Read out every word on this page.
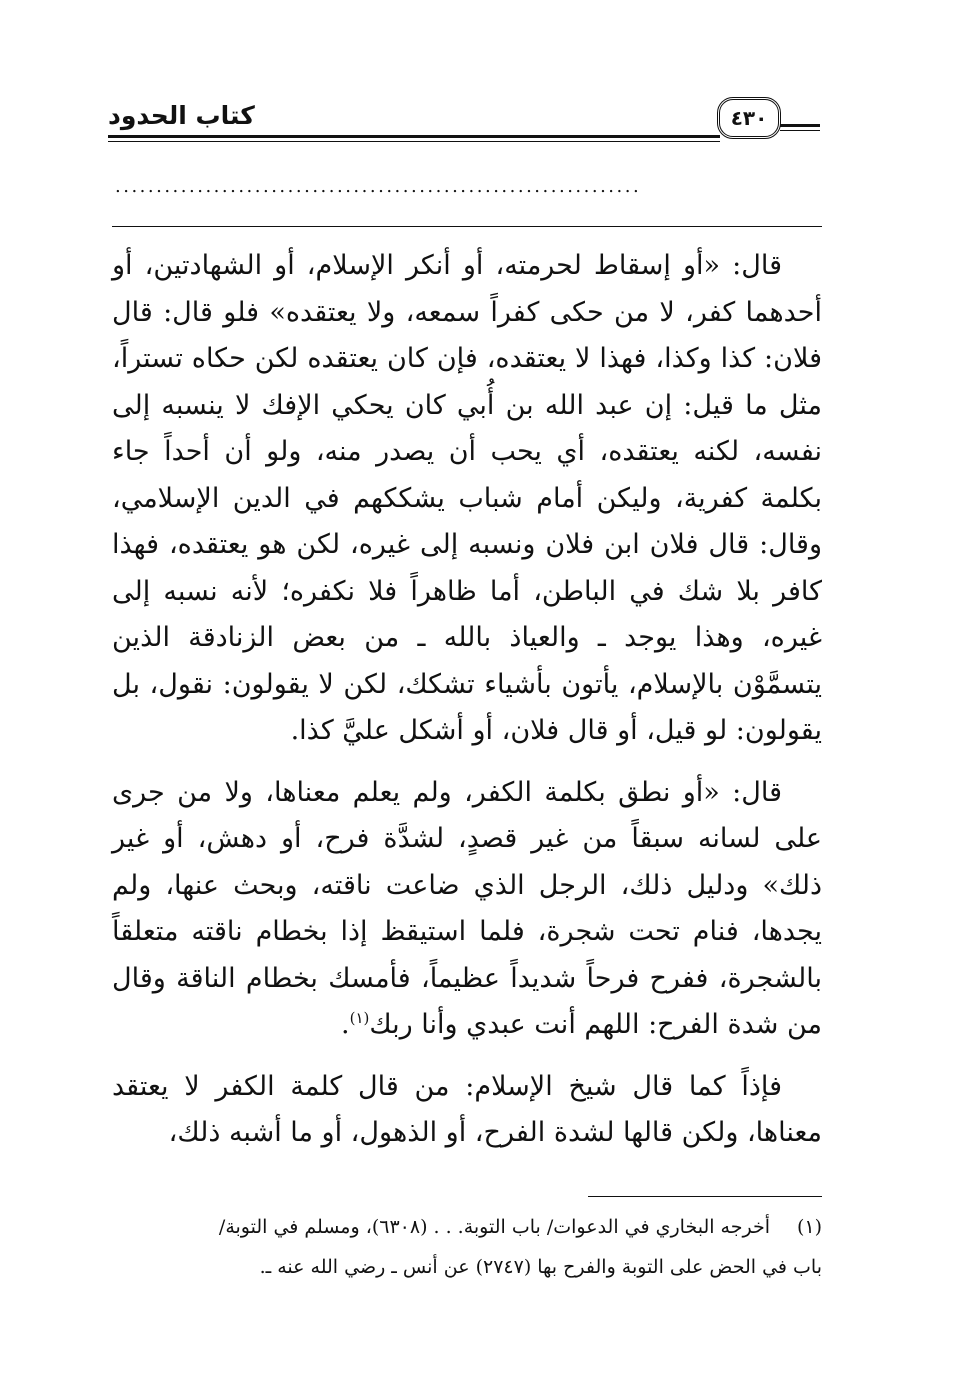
كتاب الحدود	٤٣٠
................................................................

قال: «أو إسقاط لحرمته، أو أنكر الإسلام، أو الشهادتين، أو أحدهما كفر، لا من حكى كفراً سمعه، ولا يعتقده» فلو قال: قال فلان: كذا وكذا، فهذا لا يعتقده، فإن كان يعتقده لكن حكاه تستراً، مثل ما قيل: إن عبد الله بن أُبي كان يحكي الإفك لا ينسبه إلى نفسه، لكنه يعتقده، أي يحب أن يصدر منه، ولو أن أحداً جاء بكلمة كفرية، وليكن أمام شباب يشككهم في الدين الإسلامي، وقال: قال فلان ابن فلان ونسبه إلى غيره، لكن هو يعتقده، فهذا كافر بلا شك في الباطن، أما ظاهراً فلا نكفره؛ لأنه نسبه إلى غيره، وهذا يوجد ـ والعياذ بالله ـ من بعض الزنادقة الذين يتسمَّوْن بالإسلام، يأتون بأشياء تشكك، لكن لا يقولون: نقول، بل يقولون: لو قيل، أو قال فلان، أو أشكل عليَّ كذا.

قال: «أو نطق بكلمة الكفر، ولم يعلم معناها، ولا من جرى على لسانه سبقاً من غير قصدٍ، لشدَّة فرح، أو دهش، أو غير ذلك» ودليل ذلك، الرجل الذي ضاعت ناقته، وبحث عنها، ولم يجدها، فنام تحت شجرة، فلما استيقظ إذا بخطام ناقته متعلقاً بالشجرة، ففرح فرحاً شديداً عظيماً، فأمسك بخطام الناقة وقال من شدة الفرح: اللهم أنت عبدي وأنا ربك$^{(١)}$.

فإذاً كما قال شيخ الإسلام: من قال كلمة الكفر لا يعتقد معناها، ولكن قالها لشدة الفرح، أو الذهول، أو ما أشبه ذلك،

(١)أخرجه البخاري في الدعوات/ باب التوبة. . . (٦٣٠٨)، ومسلم في التوبة/
باب في الحض على التوبة والفرح بها (٢٧٤٧) عن أنس ـ رضي الله عنه ـ.
